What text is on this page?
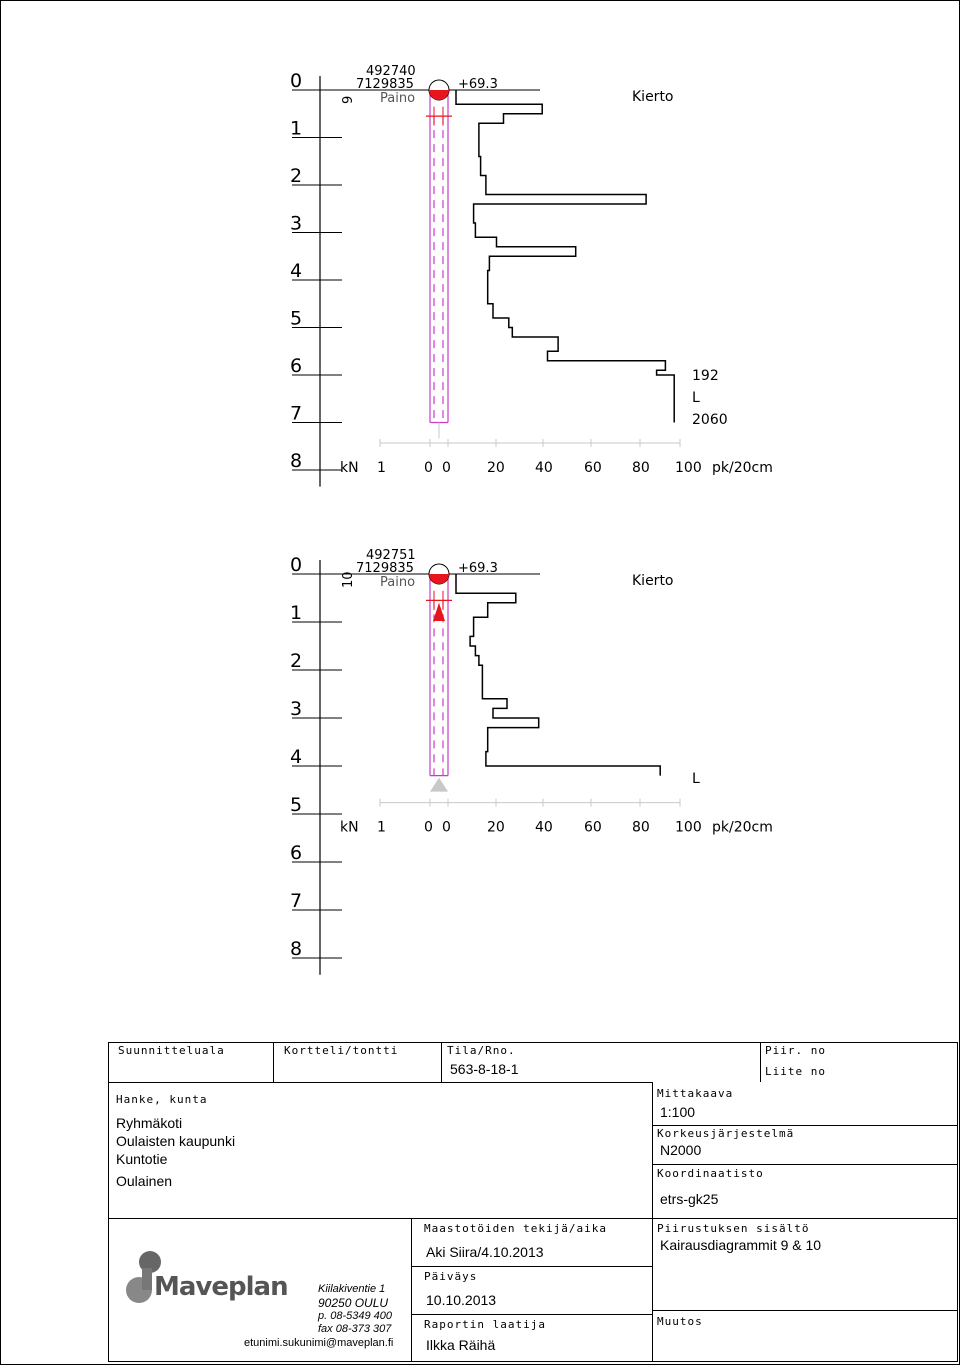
0
1
2
3
4
5
6
7
8
9
492740
7129835
Paino
+69.3
Kierto
192
L
2060
kN 1	0 0	20 40 60 80 100 pk/20cm
0
1
2
3
4
5
6
7
8
10
492751
7129835
Paino
+69.3
Kierto
L
kN 1	0 0	20 40 60 80 100 pk/20cm
Suunnitteluala	Kortteli/tontti	Tila/Rno.
563-8-18-1
Piir. no
Liite no
Hanke, kunta
Ryhmäkoti
Oulaisten kaupunki
Kuntotie
Oulainen
Mittakaava
1:100
Korkeusjärjestelmä
N2000
Koordinaatisto
etrs-gk25
Maastotöiden tekijä/aika
Aki Siira/4.10.2013
Päiväys
10.10.2013
Raportin laatija
Ilkka Räihä
Piirustuksen sisältö
Kairausdiagrammit 9 & 10
Muutos
Maveplan	Kiilakiventie 1
90250 OULU
p. 08-5349 400
fax 08-373 307
etunimi.sukunimi@maveplan.fi
